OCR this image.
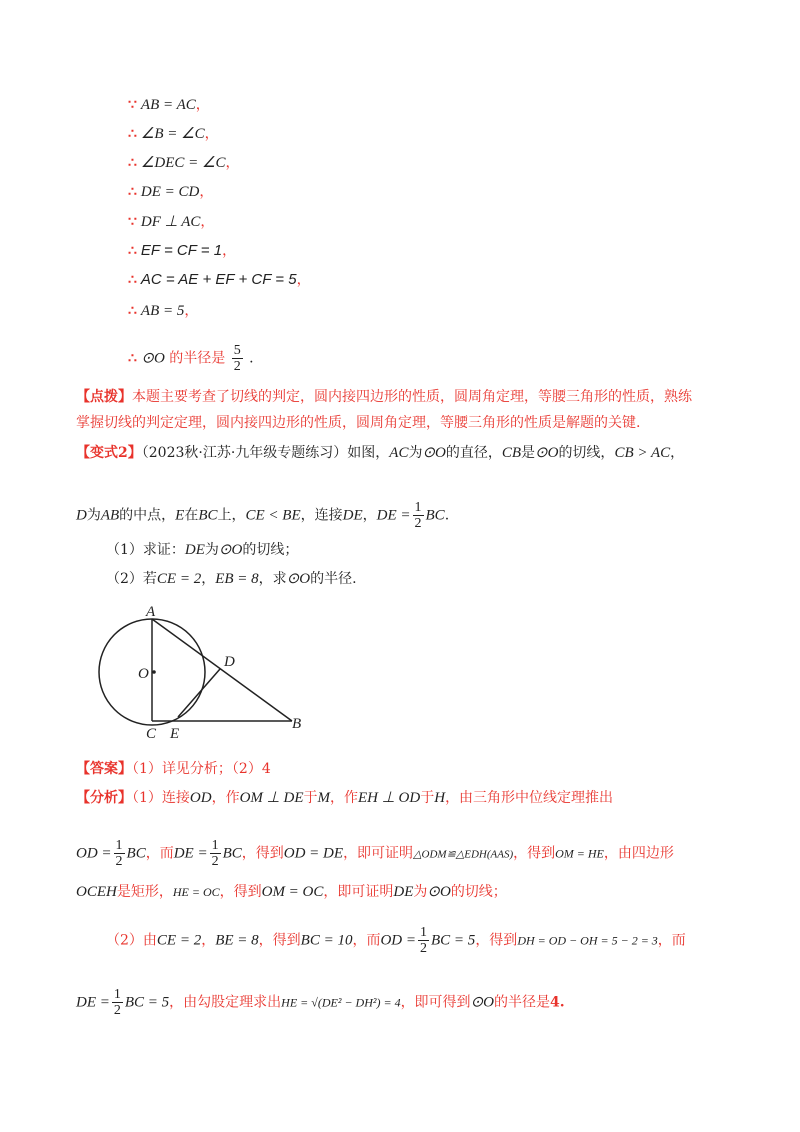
∵ AB = AC，
∴ ∠B = ∠C，
∴ ∠DEC = ∠C，
∴ DE = CD，
∵ DF ⊥ AC，
∴ EF = CF = 1，
∴ AC = AE + EF + CF = 5，
∴ AB = 5，
∴ ⊙O 的半径是 $\frac{5}{2}$ .
【点拨】本题主要考查了切线的判定，圆内接四边形的性质，圆周角定理，等腰三角形的性质，熟练
掌握切线的判定定理，圆内接四边形的性质，圆周角定理，等腰三角形的性质是解题的关键.
【变式2】（2023秋·江苏·九年级专题练习）如图，AC为⊙O的直径，CB是⊙O的切线，CB > AC，
D为AB的中点，E在BC上，CE < BE，连接DE，DE = $\frac{1}{2}$ BC.
（1）求证：DE为⊙O的切线；
（2）若CE = 2，EB = 8，求⊙O的半径.
A
O
D
B
C E
【答案】（1）详见分析；（2）4
【分析】（1）连接OD，作OM ⊥ DE于M，作EH ⊥ OD于H，由三角形中位线定理推出
OD = $\frac{1}{2}$ BC，而DE = $\frac{1}{2}$ BC，得到OD = DE，即可证明△ODM≌△EDH(AAS)，得到OM = HE，由四边形
OCEH是矩形，HE = OC，得到OM = OC，即可证明DE为⊙O的切线；
（2）由CE = 2，BE = 8，得到BC = 10，而OD = $\frac{1}{2}$ BC = 5，得到DH = OD − OH = 5 − 2 = 3，而
DE = $\frac{1}{2}$ BC = 5，由勾股定理求出HE = √(DE² − DH²) = 4，即可得到⊙O的半径是4.
